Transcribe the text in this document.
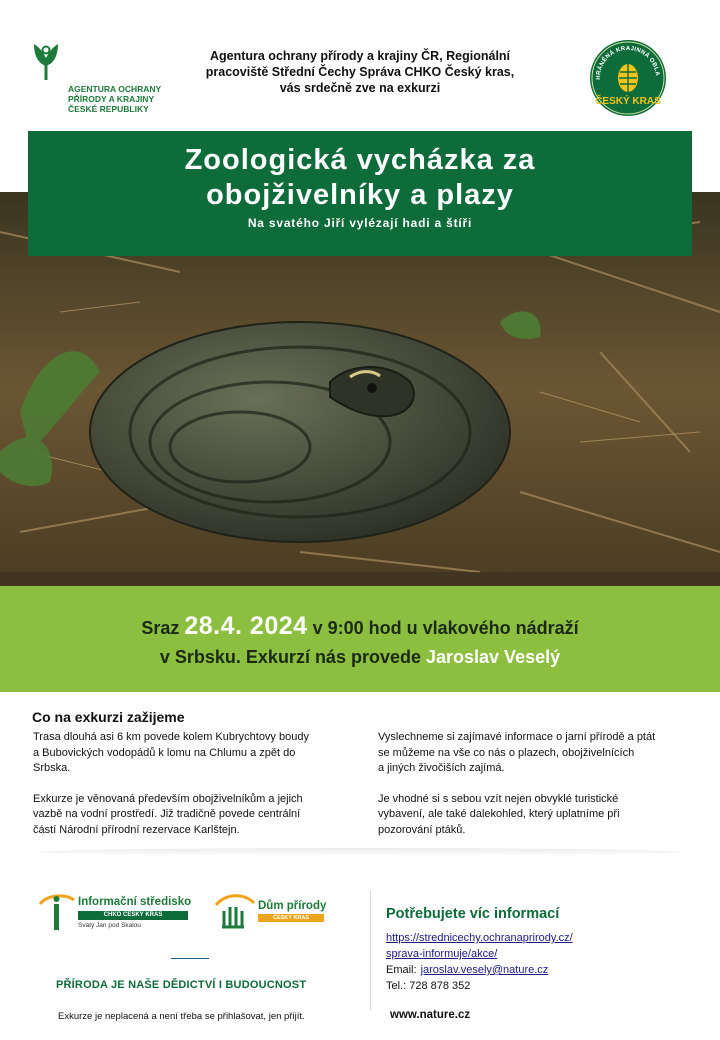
AGENTURA OCHRANY
PŘÍRODY A KRAJINY
ČESKÉ REPUBLIKY
Agentura ochrany přírody a krajiny ČR, Regionální
pracoviště Střední Čechy Správa CHKO Český kras,
vás srdečně zve na exkurzi
HRÁNĚNÁ KRAJINNÁ OBLA
ČESKÝ KRAS
Zoologická vycházka za
obojživelníky a plazy
Na svatého Jiří vylézají hadi a štíři
Sraz 28.4. 2024 v 9:00 hod u vlakového nádraží
v Srbsku. Exkurzí nás provede Jaroslav Veselý
Co na exkurzi zažijeme

Trasa dlouhá asi 6 km povede kolem Kubrychtovy boudy
a Bubovických vodopádů k lomu na Chlumu a zpět do
Srbska.

Exkurze je věnovaná především obojživelníkům a jejich
vazbě na vodní prostředí. Již tradičně povede centrální
částí Národní přírodní rezervace Karlštejn.

Vyslechneme si zajímavé informace o jarní přírodě a ptát
se můžeme na vše co nás o plazech, obojživelnících
a jiných živočiších zajímá.

Je vhodné si s sebou vzít nejen obvyklé turistické
vybavení, ale také dalekohled, který uplatníme při
pozorování ptáků.

Informační středisko
CHKO ČESKÝ KRAS
Svatý Jan pod Skalou
Dům přírody
ČESKÝ KRAS
PŘÍRODA JE NAŠE DĚDICTVÍ I BUDOUCNOST
Exkurze je neplacená a není třeba se přihlašovat, jen přijít.
Potřebujete víc informací
https://strednicechy.ochranaprirody.cz/
sprava-informuje/akce/
Email: jaroslav.vesely@nature.cz
Tel.: 728 878 352
www.nature.cz
